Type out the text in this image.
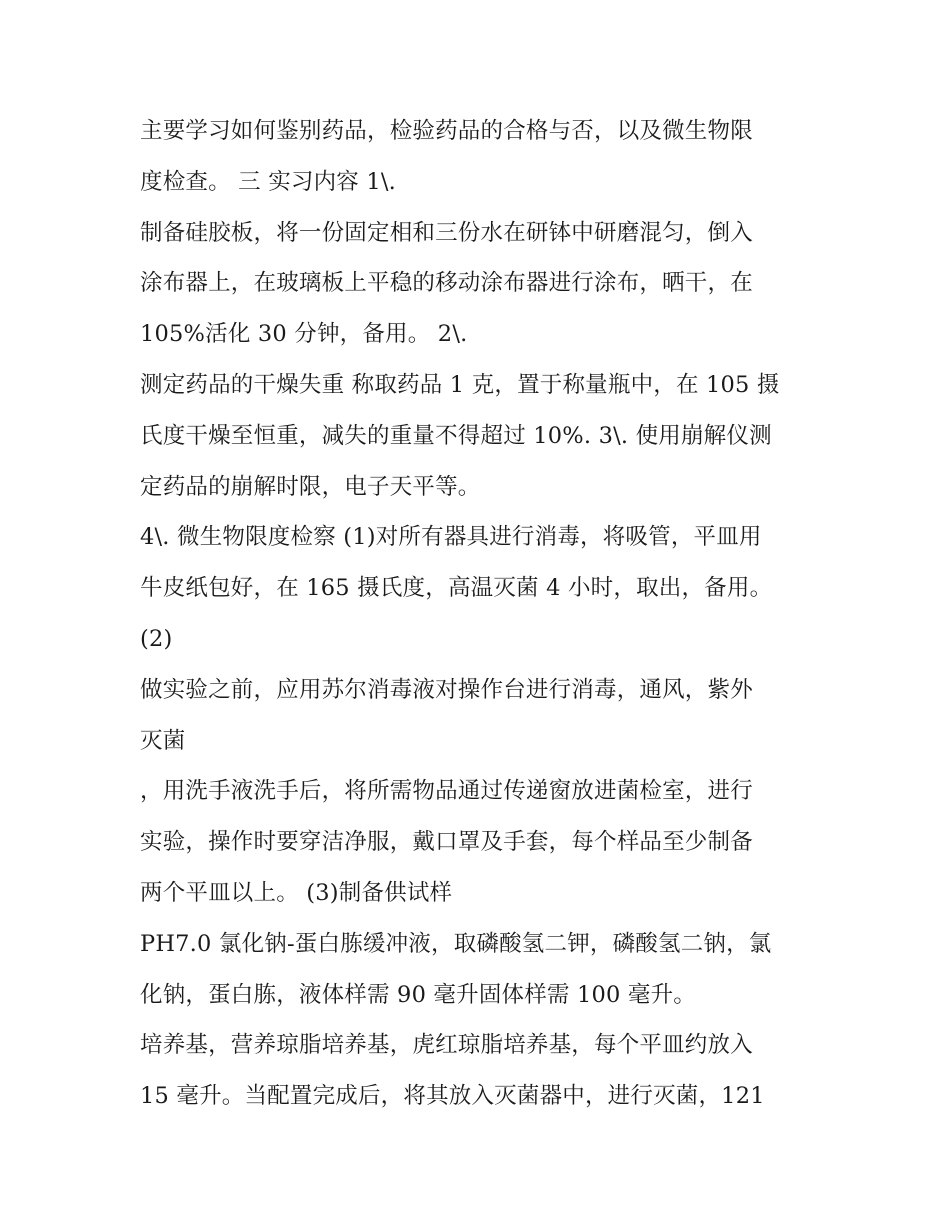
主要学习如何鉴别药品，检验药品的合格与否，以及微生物限
度检查。 三 实习内容 1\.
制备硅胶板，将一份固定相和三份水在研钵中研磨混匀，倒入
涂布器上，在玻璃板上平稳的移动涂布器进行涂布，晒干，在
105%活化 30 分钟，备用。 2\.
测定药品的干燥失重 称取药品 1 克，置于称量瓶中，在 105 摄
氏度干燥至恒重，减失的重量不得超过 10%. 3\. 使用崩解仪测
定药品的崩解时限，电子天平等。
4\. 微生物限度检察 (1)对所有器具进行消毒，将吸管，平皿用
牛皮纸包好，在 165 摄氏度，高温灭菌 4 小时，取出，备用。
(2)
做实验之前，应用苏尔消毒液对操作台进行消毒，通风，紫外
灭菌
，用洗手液洗手后，将所需物品通过传递窗放进菌检室，进行
实验，操作时要穿洁净服，戴口罩及手套，每个样品至少制备
两个平皿以上。 (3)制备供试样
PH7.0 氯化钠-蛋白胨缓冲液，取磷酸氢二钾，磷酸氢二钠，氯
化钠，蛋白胨，液体样需 90 毫升固体样需 100 毫升。
培养基，营养琼脂培养基，虎红琼脂培养基，每个平皿约放入
15 毫升。当配置完成后，将其放入灭菌器中，进行灭菌，121
